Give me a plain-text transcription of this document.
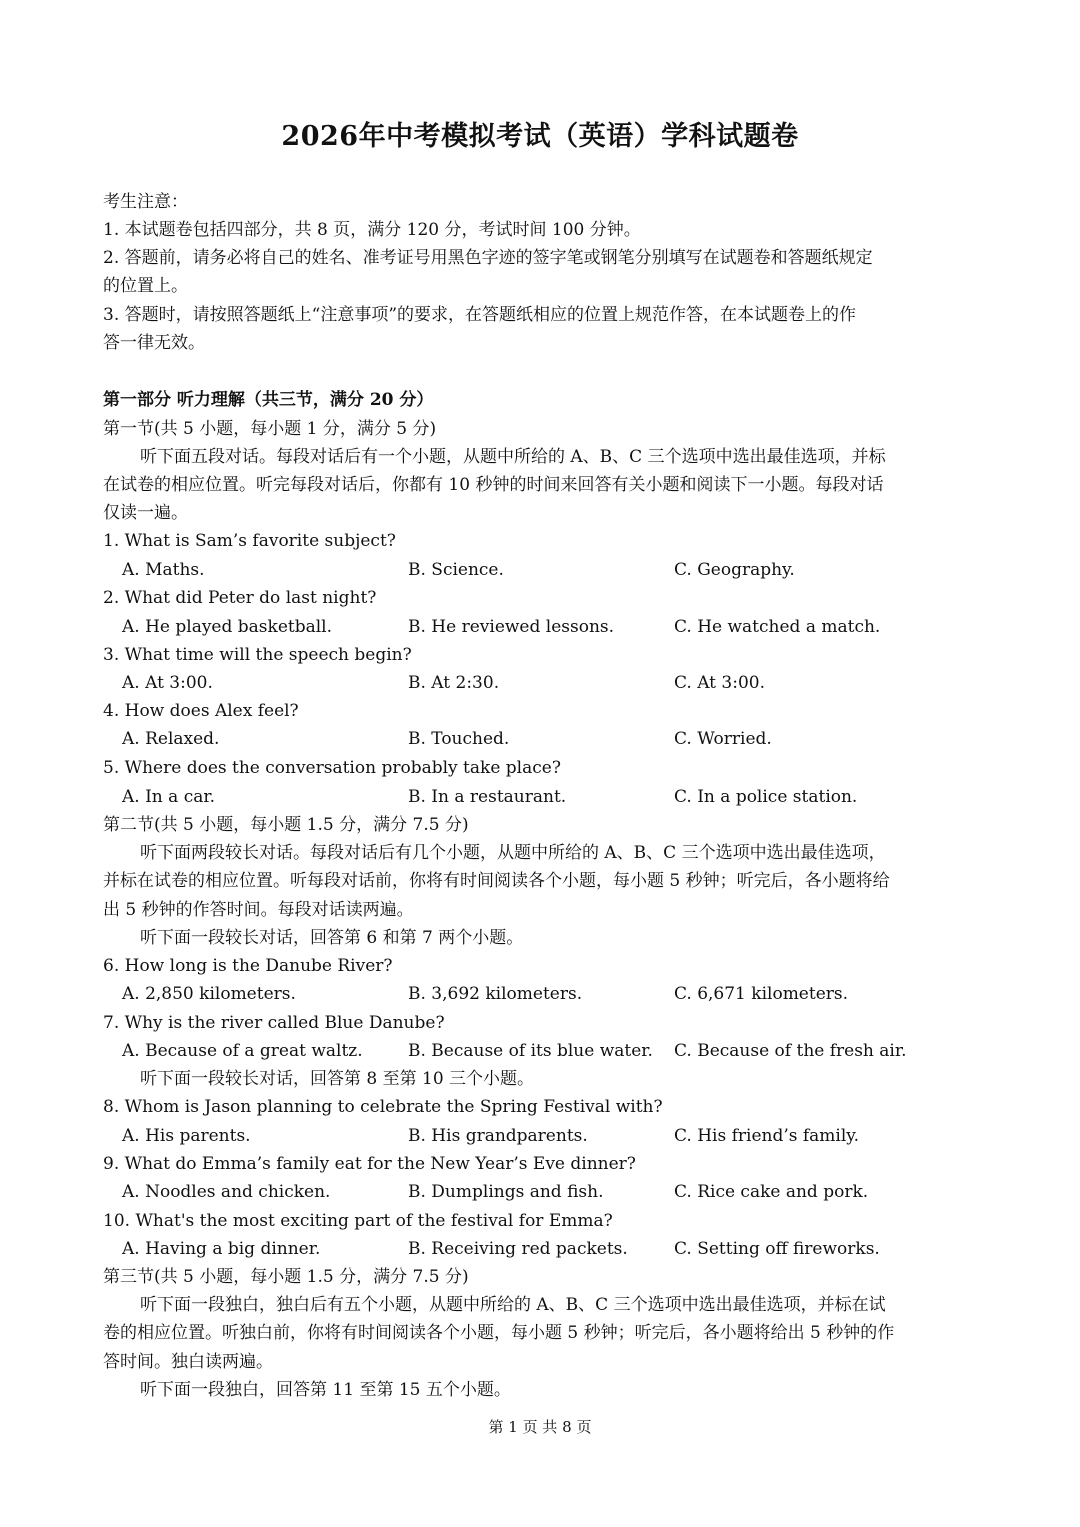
2026年中考模拟考试（英语）学科试题卷
考生注意：
1. 本试题卷包括四部分，共 8 页，满分 120 分，考试时间 100 分钟。
2. 答题前，请务必将自己的姓名、准考证号用黑色字迹的签字笔或钢笔分别填写在试题卷和答题纸规定
的位置上。
3. 答题时，请按照答题纸上“注意事项”的要求，在答题纸相应的位置上规范作答，在本试题卷上的作
答一律无效。
第一部分 听力理解（共三节，满分 20 分）
第一节(共 5 小题，每小题 1 分，满分 5 分)
听下面五段对话。每段对话后有一个小题，从题中所给的 A、B、C 三个选项中选出最佳选项，并标
在试卷的相应位置。听完每段对话后，你都有 10 秒钟的时间来回答有关小题和阅读下一小题。每段对话
仅读一遍。
1. What is Sam’s favorite subject?
A. Maths.	B. Science.	C. Geography.
2. What did Peter do last night?
A. He played basketball.	B. He reviewed lessons.	C. He watched a match.
3. What time will the speech begin?
A. At 3:00.	B. At 2:30.	C. At 3:00.
4. How does Alex feel?
A. Relaxed.	B. Touched.	C. Worried.
5. Where does the conversation probably take place?
A. In a car.	B. In a restaurant.	C. In a police station.
第二节(共 5 小题，每小题 1.5 分，满分 7.5 分)
听下面两段较长对话。每段对话后有几个小题，从题中所给的 A、B、C 三个选项中选出最佳选项，
并标在试卷的相应位置。听每段对话前，你将有时间阅读各个小题，每小题 5 秒钟；听完后，各小题将给
出 5 秒钟的作答时间。每段对话读两遍。
听下面一段较长对话，回答第 6 和第 7 两个小题。
6. How long is the Danube River?
A. 2,850 kilometers.	B. 3,692 kilometers.	C. 6,671 kilometers.
7. Why is the river called Blue Danube?
A. Because of a great waltz.	B. Because of its blue water. C. Because of the fresh air.
听下面一段较长对话，回答第 8 至第 10 三个小题。
8. Whom is Jason planning to celebrate the Spring Festival with?
A. His parents.	B. His grandparents.	C. His friend’s family.
9. What do Emma’s family eat for the New Year’s Eve dinner?
A. Noodles and chicken.	B. Dumplings and fish.	C. Rice cake and pork.
10. What's the most exciting part of the festival for Emma?
A. Having a big dinner.	B. Receiving red packets.	C. Setting off fireworks.
第三节(共 5 小题，每小题 1.5 分，满分 7.5 分)
听下面一段独白，独白后有五个小题，从题中所给的 A、B、C 三个选项中选出最佳选项，并标在试
卷的相应位置。听独白前，你将有时间阅读各个小题，每小题 5 秒钟；听完后，各小题将给出 5 秒钟的作
答时间。独白读两遍。
听下面一段独白，回答第 11 至第 15 五个小题。
第 1 页 共 8 页
